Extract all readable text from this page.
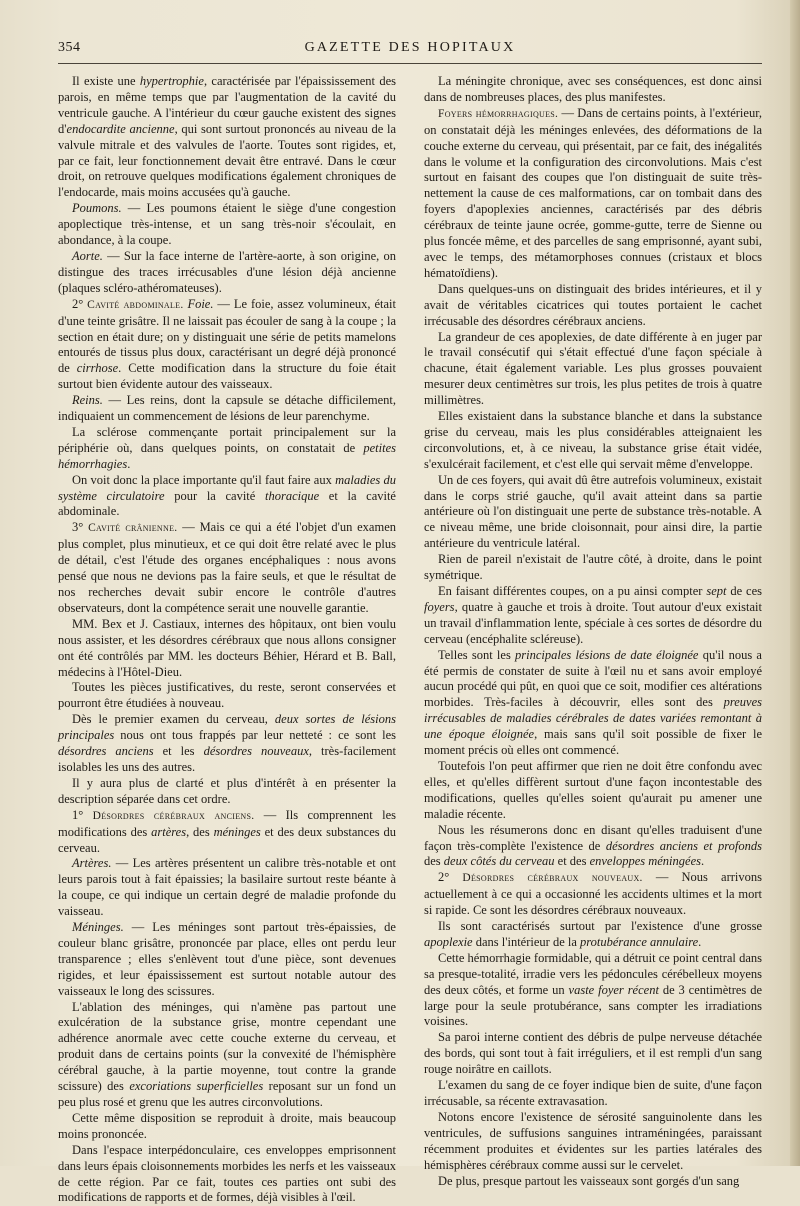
354	GAZETTE DES HOPITAUX

Il existe une hypertrophie, caractérisée par l'épaississement des parois, en même temps que par l'augmentation de la cavité du ventricule gauche. A l'intérieur du cœur gauche existent des signes d'endocardite ancienne, qui sont surtout prononcés au niveau de la valvule mitrale et des valvules de l'aorte. Toutes sont rigides, et, par ce fait, leur fonctionnement devait être entravé. Dans le cœur droit, on retrouve quelques modifications également chroniques de l'endocarde, mais moins accusées qu'à gauche.

Poumons. — Les poumons étaient le siège d'une congestion apoplectique très-intense, et un sang très-noir s'écoulait, en abondance, à la coupe.

Aorte. — Sur la face interne de l'artère-aorte, à son origine, on distingue des traces irrécusables d'une lésion déjà ancienne (plaques scléro-athéromateuses).

2° Cavité abdominale. Foie. — Le foie, assez volumineux, était d'une teinte grisâtre. Il ne laissait pas écouler de sang à la coupe ; la section en était dure; on y distinguait une série de petits mamelons entourés de tissus plus doux, caractérisant un degré déjà prononcé de cirrhose. Cette modification dans la structure du foie était surtout bien évidente autour des vaisseaux.

Reins. — Les reins, dont la capsule se détache difficilement, indiquaient un commencement de lésions de leur parenchyme.

La sclérose commençante portait principalement sur la périphérie où, dans quelques points, on constatait de petites hémorrhagies.

On voit donc la place importante qu'il faut faire aux maladies du système circulatoire pour la cavité thoracique et la cavité abdominale.

3° Cavité crânienne. — Mais ce qui a été l'objet d'un examen plus complet, plus minutieux, et ce qui doit être relaté avec le plus de détail, c'est l'étude des organes encéphaliques : nous avons pensé que nous ne devions pas la faire seuls, et que le résultat de nos recherches devait subir encore le contrôle d'autres observateurs, dont la compétence serait une nouvelle garantie.

MM. Bex et J. Castiaux, internes des hôpitaux, ont bien voulu nous assister, et les désordres cérébraux que nous allons consigner ont été contrôlés par MM. les docteurs Béhier, Hérard et B. Ball, médecins à l'Hôtel-Dieu.

Toutes les pièces justificatives, du reste, seront conservées et pourront être étudiées à nouveau.

Dès le premier examen du cerveau, deux sortes de lésions principales nous ont tous frappés par leur netteté : ce sont les désordres anciens et les désordres nouveaux, très-facilement isolables les uns des autres.

Il y aura plus de clarté et plus d'intérêt à en présenter la description séparée dans cet ordre.

1° Désordres cérébraux anciens. — Ils comprennent les modifications des artères, des méninges et des deux substances du cerveau.

Artères. — Les artères présentent un calibre très-notable et ont leurs parois tout à fait épaissies; la basilaire surtout reste béante à la coupe, ce qui indique un certain degré de maladie profonde du vaisseau.

Méninges. — Les méninges sont partout très-épaissies, de couleur blanc grisâtre, prononcée par place, elles ont perdu leur transparence ; elles s'enlèvent tout d'une pièce, sont devenues rigides, et leur épaississement est surtout notable autour des vaisseaux le long des scissures.

L'ablation des méninges, qui n'amène pas partout une exulcération de la substance grise, montre cependant une adhérence anormale avec cette couche externe du cerveau, et produit dans de certains points (sur la convexité de l'hémisphère cérébral gauche, à la partie moyenne, tout contre la grande scissure) des excoriations superficielles reposant sur un fond un peu plus rosé et grenu que les autres circonvolutions.

Cette même disposition se reproduit à droite, mais beaucoup moins prononcée.

Dans l'espace interpédonculaire, ces enveloppes emprisonnent dans leurs épais cloisonnements morbides les nerfs et les vaisseaux de cette région. Par ce fait, toutes ces parties ont subi des modifications de rapports et de formes, déjà visibles à l'œil.

La méningite chronique, avec ses conséquences, est donc ainsi dans de nombreuses places, des plus manifestes.

Foyers hémorrhagiques. — Dans de certains points, à l'extérieur, on constatait déjà les méninges enlevées, des déformations de la couche externe du cerveau, qui présentait, par ce fait, des inégalités dans le volume et la configuration des circonvolutions. Mais c'est surtout en faisant des coupes que l'on distinguait de suite très-nettement la cause de ces malformations, car on tombait dans des foyers d'apoplexies anciennes, caractérisés par des débris cérébraux de teinte jaune ocrée, gomme-gutte, terre de Sienne ou plus foncée même, et des parcelles de sang emprisonné, ayant subi, avec le temps, des métamorphoses connues (cristaux et blocs hématoïdiens).

Dans quelques-uns on distinguait des brides intérieures, et il y avait de véritables cicatrices qui toutes portaient le cachet irrécusable des désordres cérébraux anciens.

La grandeur de ces apoplexies, de date différente à en juger par le travail consécutif qui s'était effectué d'une façon spéciale à chacune, était également variable. Les plus grosses pouvaient mesurer deux centimètres sur trois, les plus petites de trois à quatre millimètres.

Elles existaient dans la substance blanche et dans la substance grise du cerveau, mais les plus considérables atteignaient les circonvolutions, et, à ce niveau, la substance grise était vidée, s'exulcérait facilement, et c'est elle qui servait même d'enveloppe.

Un de ces foyers, qui avait dû être autrefois volumineux, existait dans le corps strié gauche, qu'il avait atteint dans sa partie antérieure où l'on distinguait une perte de substance très-notable. A ce niveau même, une bride cloisonnait, pour ainsi dire, la partie antérieure du ventricule latéral.

Rien de pareil n'existait de l'autre côté, à droite, dans le point symétrique.

En faisant différentes coupes, on a pu ainsi compter sept de ces foyers, quatre à gauche et trois à droite. Tout autour d'eux existait un travail d'inflammation lente, spéciale à ces sortes de désordre du cerveau (encéphalite scléreuse).

Telles sont les principales lésions de date éloignée qu'il nous a été permis de constater de suite à l'œil nu et sans avoir employé aucun procédé qui pût, en quoi que ce soit, modifier ces altérations morbides. Très-faciles à découvrir, elles sont des preuves irrécusables de maladies cérébrales de dates variées remontant à une époque éloignée, mais sans qu'il soit possible de fixer le moment précis où elles ont commencé.

Toutefois l'on peut affirmer que rien ne doit être confondu avec elles, et qu'elles diffèrent surtout d'une façon incontestable des modifications, quelles qu'elles soient qu'aurait pu amener une maladie récente.

Nous les résumerons donc en disant qu'elles traduisent d'une façon très-complète l'existence de désordres anciens et profonds des deux côtés du cerveau et des enveloppes méningées.

2° Désordres cérébraux nouveaux. — Nous arrivons actuellement à ce qui a occasionné les accidents ultimes et la mort si rapide. Ce sont les désordres cérébraux nouveaux.

Ils sont caractérisés surtout par l'existence d'une grosse apoplexie dans l'intérieur de la protubérance annulaire.

Cette hémorrhagie formidable, qui a détruit ce point central dans sa presque-totalité, irradie vers les pédoncules cérébelleux moyens des deux côtés, et forme un vaste foyer récent de 3 centimètres de large pour la seule protubérance, sans compter les irradiations voisines.

Sa paroi interne contient des débris de pulpe nerveuse détachée des bords, qui sont tout à fait irréguliers, et il est rempli d'un sang rouge noirâtre en caillots.

L'examen du sang de ce foyer indique bien de suite, d'une façon irrécusable, sa récente extravasation.

Notons encore l'existence de sérosité sanguinolente dans les ventricules, de suffusions sanguines intraméningées, paraissant récemment produites et évidentes sur les parties latérales des hémisphères cérébraux comme aussi sur le cervelet.

De plus, presque partout les vaisseaux sont gorgés d'un sang
